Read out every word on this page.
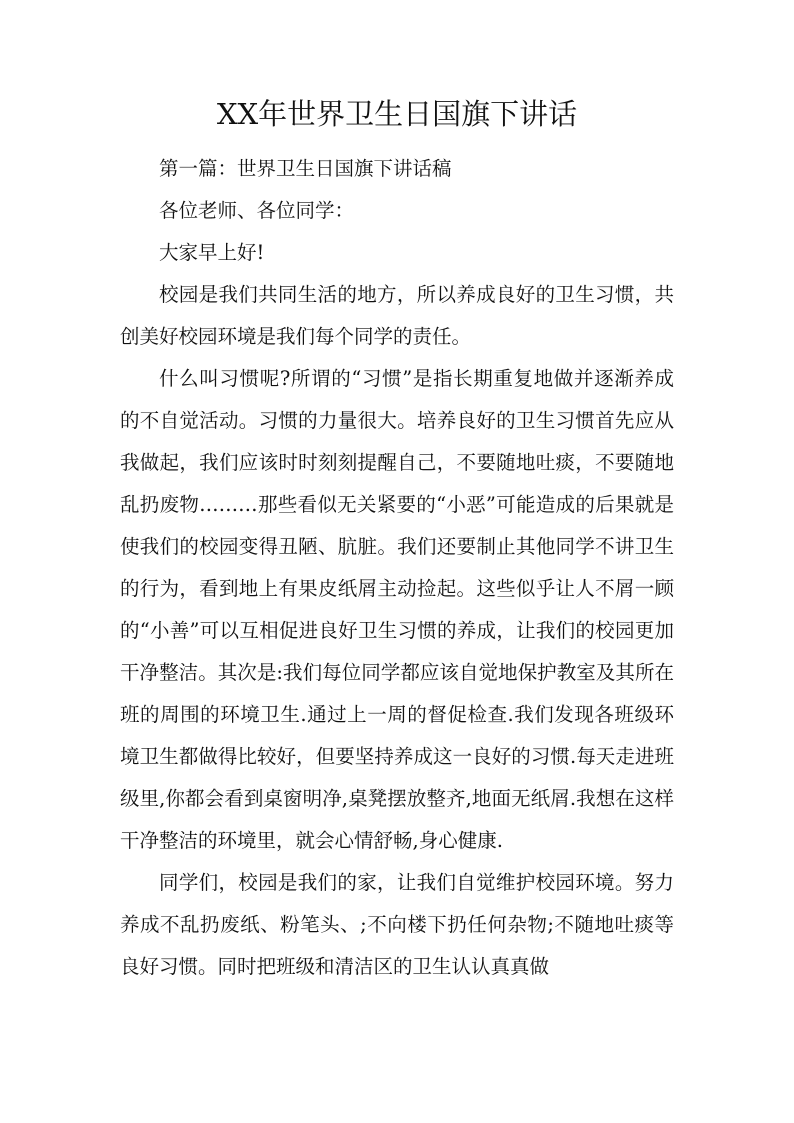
XX年世界卫生日国旗下讲话

第一篇：世界卫生日国旗下讲话稿

各位老师、各位同学：

大家早上好!

校园是我们共同生活的地方，所以养成良好的卫生习惯，共创美好校园环境是我们每个同学的责任。

什么叫习惯呢?所谓的“习惯”是指长期重复地做并逐渐养成的不自觉活动。习惯的力量很大。培养良好的卫生习惯首先应从我做起，我们应该时时刻刻提醒自己，不要随地吐痰，不要随地乱扔废物………那些看似无关紧要的“小恶”可能造成的后果就是使我们的校园变得丑陋、肮脏。我们还要制止其他同学不讲卫生的行为，看到地上有果皮纸屑主动捡起。这些似乎让人不屑一顾的“小善”可以互相促进良好卫生习惯的养成，让我们的校园更加干净整洁。其次是:我们每位同学都应该自觉地保护教室及其所在班的周围的环境卫生.通过上一周的督促检查.我们发现各班级环境卫生都做得比较好，但要坚持养成这一良好的习惯.每天走进班级里,你都会看到桌窗明净,桌凳摆放整齐,地面无纸屑.我想在这样干净整洁的环境里，就会心情舒畅,身心健康.

同学们，校园是我们的家，让我们自觉维护校园环境。努力养成不乱扔废纸、粉笔头、;不向楼下扔任何杂物;不随地吐痰等良好习惯。同时把班级和清洁区的卫生认认真真做
